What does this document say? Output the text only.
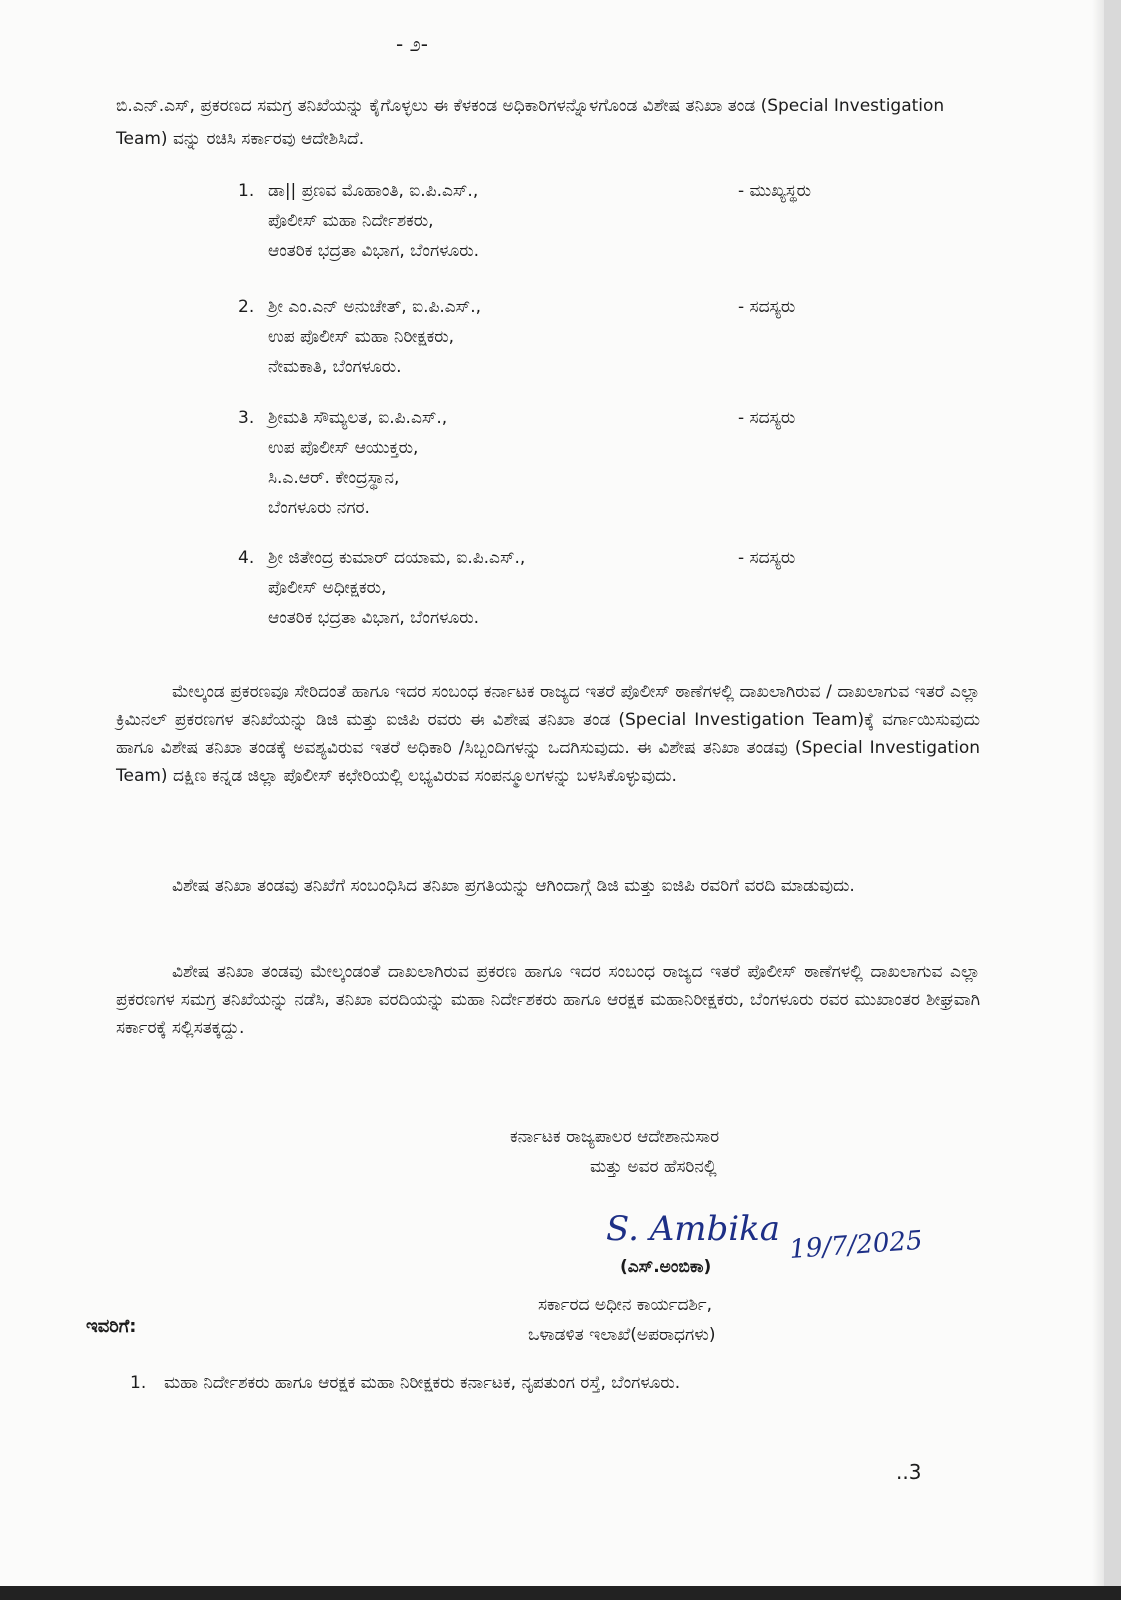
- ೨-
ಬಿ.ಎನ್.ಎಸ್, ಪ್ರಕರಣದ ಸಮಗ್ರ ತನಿಖೆಯನ್ನು ಕೈಗೊಳ್ಳಲು ಈ ಕೆಳಕಂಡ ಅಧಿಕಾರಿಗಳನ್ನೊಳಗೊಂಡ ವಿಶೇಷ ತನಿಖಾ ತಂಡ (Special Investigation Team) ವನ್ನು ರಚಿಸಿ ಸರ್ಕಾರವು ಆದೇಶಿಸಿದೆ.
1. ಡಾ|| ಪ್ರಣವ ಮೊಹಾಂತಿ, ಐ.ಪಿ.ಎಸ್.,
ಪೊಲೀಸ್ ಮಹಾ ನಿರ್ದೇಶಕರು,
ಆಂತರಿಕ ಭದ್ರತಾ ವಿಭಾಗ, ಬೆಂಗಳೂರು.
- ಮುಖ್ಯಸ್ಥರು
2. ಶ್ರೀ ಎಂ.ಎನ್ ಅನುಚೇತ್, ಐ.ಪಿ.ಎಸ್.,
ಉಪ ಪೊಲೀಸ್ ಮಹಾ ನಿರೀಕ್ಷಕರು,
ನೇಮಕಾತಿ, ಬೆಂಗಳೂರು.
- ಸದಸ್ಯರು
3. ಶ್ರೀಮತಿ ಸೌಮ್ಯಲತ, ಐ.ಪಿ.ಎಸ್.,
ಉಪ ಪೊಲೀಸ್ ಆಯುಕ್ತರು,
ಸಿ.ಎ.ಆರ್. ಕೇಂದ್ರಸ್ಥಾನ,
ಬೆಂಗಳೂರು ನಗರ.
- ಸದಸ್ಯರು
4. ಶ್ರೀ ಜಿತೇಂದ್ರ ಕುಮಾರ್ ದಯಾಮ, ಐ.ಪಿ.ಎಸ್.,
ಪೊಲೀಸ್ ಅಧೀಕ್ಷಕರು,
ಆಂತರಿಕ ಭದ್ರತಾ ವಿಭಾಗ, ಬೆಂಗಳೂರು.
- ಸದಸ್ಯರು
ಮೇಲ್ಕಂಡ ಪ್ರಕರಣವೂ ಸೇರಿದಂತೆ ಹಾಗೂ ಇದರ ಸಂಬಂಧ ಕರ್ನಾಟಕ ರಾಜ್ಯದ ಇತರೆ ಪೊಲೀಸ್ ಠಾಣೆಗಳಲ್ಲಿ ದಾಖಲಾಗಿರುವ / ದಾಖಲಾಗುವ ಇತರೆ ಎಲ್ಲಾ ಕ್ರಿಮಿನಲ್ ಪ್ರಕರಣಗಳ ತನಿಖೆಯನ್ನು ಡಿಜಿ ಮತ್ತು ಐಜಿಪಿ ರವರು ಈ ವಿಶೇಷ ತನಿಖಾ ತಂಡ (Special Investigation Team)ಕ್ಕೆ ವರ್ಗಾಯಿಸುವುದು ಹಾಗೂ ವಿಶೇಷ ತನಿಖಾ ತಂಡಕ್ಕೆ ಅವಶ್ಯವಿರುವ ಇತರೆ ಅಧಿಕಾರಿ /ಸಿಬ್ಬಂದಿಗಳನ್ನು ಒದಗಿಸುವುದು. ಈ ವಿಶೇಷ ತನಿಖಾ ತಂಡವು (Special Investigation Team) ದಕ್ಷಿಣ ಕನ್ನಡ ಜಿಲ್ಲಾ ಪೊಲೀಸ್ ಕಛೇರಿಯಲ್ಲಿ ಲಭ್ಯವಿರುವ ಸಂಪನ್ಮೂಲಗಳನ್ನು ಬಳಸಿಕೊಳ್ಳುವುದು.
ವಿಶೇಷ ತನಿಖಾ ತಂಡವು ತನಿಖೆಗೆ ಸಂಬಂಧಿಸಿದ ತನಿಖಾ ಪ್ರಗತಿಯನ್ನು ಆಗಿಂದಾಗ್ಗೆ ಡಿಜಿ ಮತ್ತು ಐಜಿಪಿ ರವರಿಗೆ ವರದಿ ಮಾಡುವುದು.
ವಿಶೇಷ ತನಿಖಾ ತಂಡವು ಮೇಲ್ಕಂಡಂತೆ ದಾಖಲಾಗಿರುವ ಪ್ರಕರಣ ಹಾಗೂ ಇದರ ಸಂಬಂಧ ರಾಜ್ಯದ ಇತರೆ ಪೊಲೀಸ್ ಠಾಣೆಗಳಲ್ಲಿ ದಾಖಲಾಗುವ ಎಲ್ಲಾ ಪ್ರಕರಣಗಳ ಸಮಗ್ರ ತನಿಖೆಯನ್ನು ನಡೆಸಿ, ತನಿಖಾ ವರದಿಯನ್ನು ಮಹಾ ನಿರ್ದೇಶಕರು ಹಾಗೂ ಆರಕ್ಷಕ ಮಹಾನಿರೀಕ್ಷಕರು, ಬೆಂಗಳೂರು ರವರ ಮುಖಾಂತರ ಶೀಘ್ರವಾಗಿ ಸರ್ಕಾರಕ್ಕೆ ಸಲ್ಲಿಸತಕ್ಕದ್ದು.
ಕರ್ನಾಟಕ ರಾಜ್ಯಪಾಲರ ಆದೇಶಾನುಸಾರ
ಮತ್ತು ಅವರ ಹೆಸರಿನಲ್ಲಿ
S. Ambika 19/7/2025
(ಎಸ್.ಅಂಬಿಕಾ)
ಸರ್ಕಾರದ ಅಧೀನ ಕಾರ್ಯದರ್ಶಿ,
ಒಳಾಡಳಿತ ಇಲಾಖೆ(ಅಪರಾಧಗಳು)
ಇವರಿಗೆ:
1. ಮಹಾ ನಿರ್ದೇಶಕರು ಹಾಗೂ ಆರಕ್ಷಕ ಮಹಾ ನಿರೀಕ್ಷಕರು ಕರ್ನಾಟಕ, ನೃಪತುಂಗ ರಸ್ತೆ, ಬೆಂಗಳೂರು.
..3
